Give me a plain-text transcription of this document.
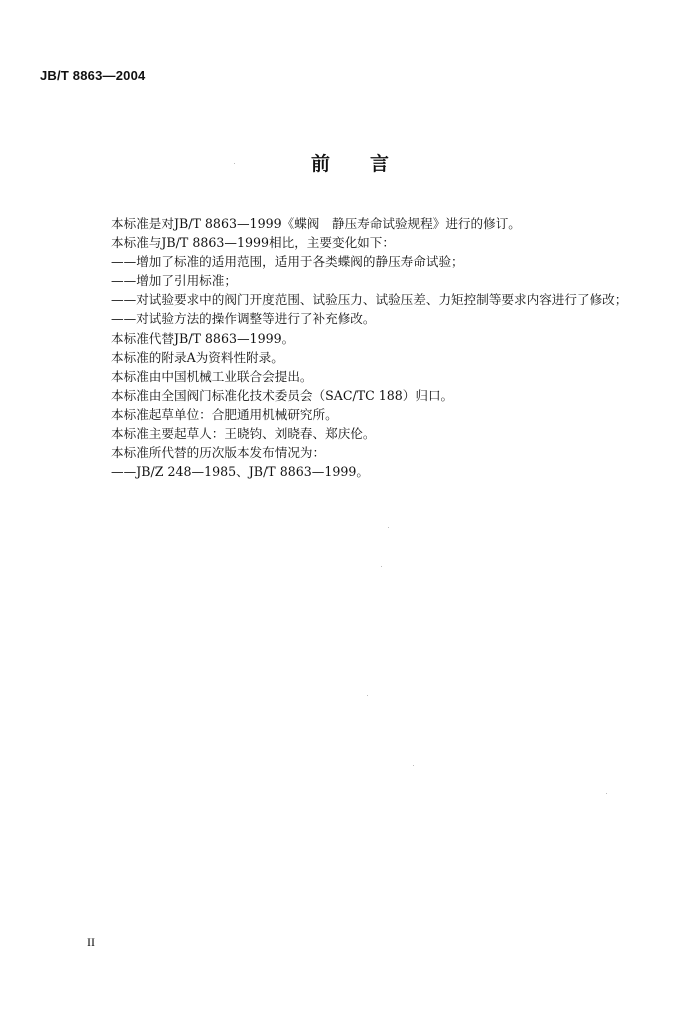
JB/T 8863—2004
前 言
本标准是对JB/T 8863—1999《蝶阀　静压寿命试验规程》进行的修订。
本标准与JB/T 8863—1999相比，主要变化如下：
——增加了标准的适用范围，适用于各类蝶阀的静压寿命试验；
——增加了引用标准；
——对试验要求中的阀门开度范围、试验压力、试验压差、力矩控制等要求内容进行了修改；
——对试验方法的操作调整等进行了补充修改。
本标准代替JB/T 8863—1999。
本标准的附录A为资料性附录。
本标准由中国机械工业联合会提出。
本标准由全国阀门标准化技术委员会（SAC/TC 188）归口。
本标准起草单位：合肥通用机械研究所。
本标准主要起草人：王晓钧、刘晓春、郑庆伦。
本标准所代替的历次版本发布情况为：
——JB/Z 248—1985、JB/T 8863—1999。
II
